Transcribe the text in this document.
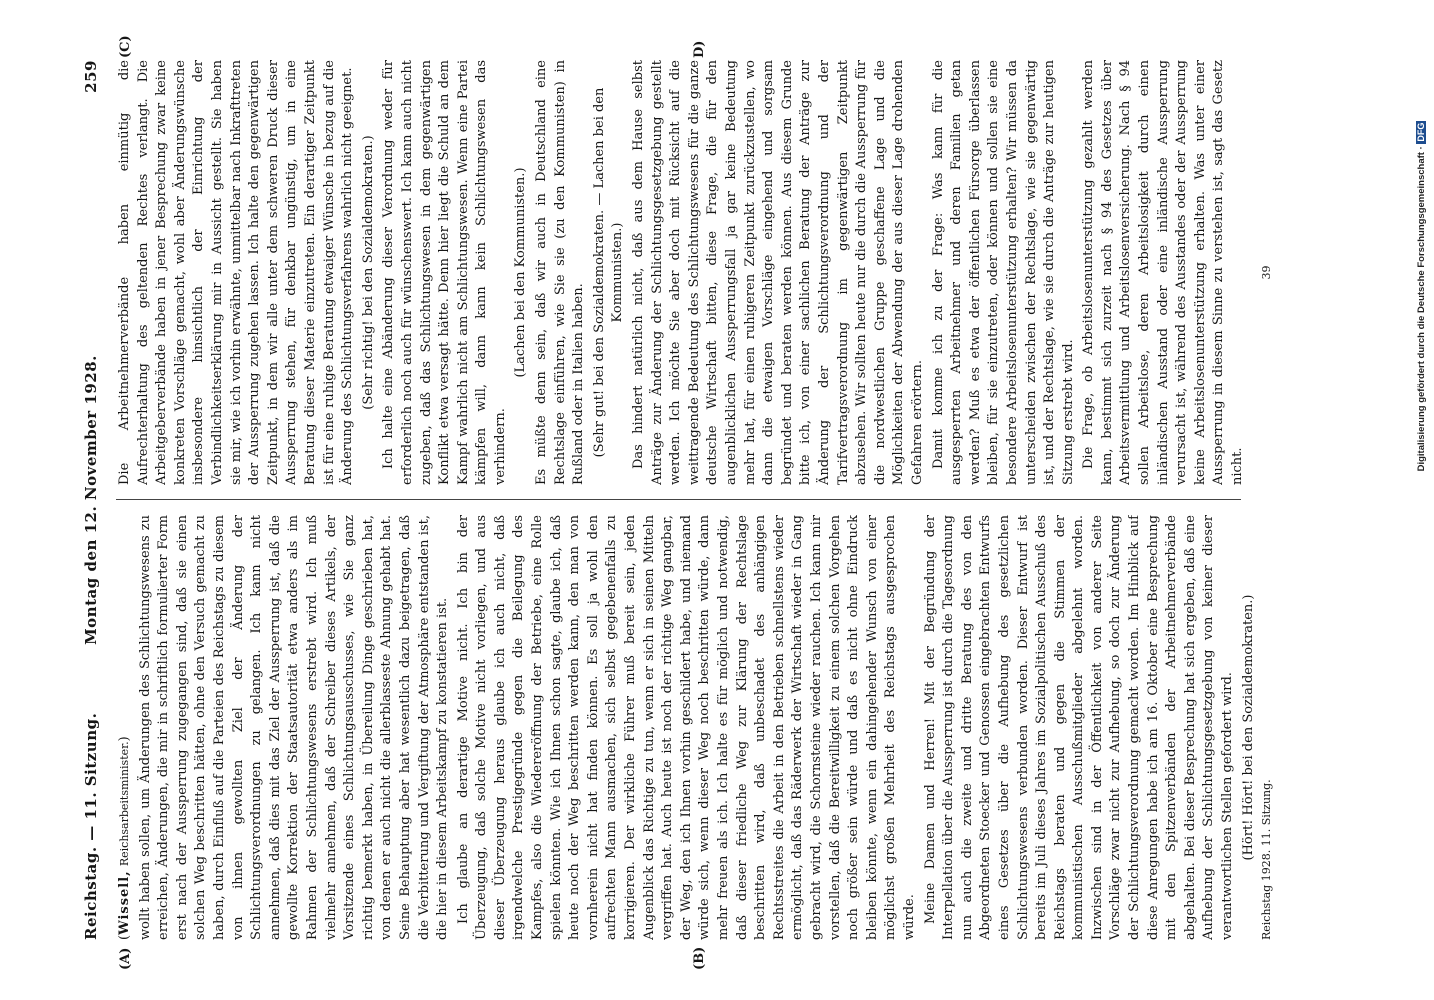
Reichstag. — 11. Sitzung.
Montag den 12. November 1928.
259
(A)	(B)
(C)	D)

(Wissell, Reichsarbeitsminister.) wollt haben sollen, um Änderungen des Schlichtungswesens zu erreichen, Änderungen, die mir in schriftlich formulierter Form erst nach der Aussperrung zugegangen sind, daß sie einen solchen Weg beschritten hätten, ohne den Versuch gemacht zu haben, durch Einfluß auf die Parteien des Reichstags zu diesem von ihnen gewollten Ziel der Änderung der Schlichtungsverordnungen zu gelangen. Ich kann nicht annehmen, daß dies mit das Ziel der Aussperrung ist, daß die gewollte Korrektion der Staatsautorität etwa anders als im Rahmen der Schlichtungswesens erstrebt wird. Ich muß vielmehr annehmen, daß der Schreiber dieses Artikels, der Vorsitzende eines Schlichtungsausschusses, wie Sie ganz richtig bemerkt haben, in Übereilung Dinge geschrieben hat, von denen er auch nicht die allerblasseste Ahnung gehabt hat. Seine Behauptung aber hat wesentlich dazu beigetragen, daß die Verbitterung und Vergiftung der Atmosphäre entstanden ist, die hier in diesem Arbeitskampf zu konstatieren ist. Ich glaube an derartige Motive nicht. Ich bin der Überzeugung, daß solche Motive nicht vorliegen, und aus dieser Überzeugung heraus glaube ich auch nicht, daß irgendwelche Prestigegründe gegen die Beilegung des Kampfes, also die Wiedereröffnung der Betriebe, eine Rolle spielen könnten. Wie ich Ihnen schon sagte, glaube ich, daß heute noch der Weg beschritten werden kann, den man von vornherein nicht hat finden können. Es soll ja wohl den aufrechten Mann ausmachen, sich selbst gegebenenfalls zu korrigieren. Der wirkliche Führer muß bereit sein, jeden Augenblick das Richtige zu tun, wenn er sich in seinen Mitteln vergriffen hat. Auch heute ist noch der richtige Weg gangbar, der Weg, den ich Ihnen vorhin geschildert habe, und niemand würde sich, wenn dieser Weg noch beschritten würde, dann mehr freuen als ich. Ich halte es für möglich und notwendig, daß dieser friedliche Weg zur Klärung der Rechtslage beschritten wird, daß unbeschadet des anhängigen Rechtsstreites die Arbeit in den Betrieben schnellstens wieder ermöglicht, daß das Räderwerk der Wirtschaft wieder in Gang gebracht wird, die Schornsteine wieder rauchen. Ich kann mir vorstellen, daß die Bereitwilligkeit zu einem solchen Vorgehen noch größer sein würde und daß es nicht ohne Eindruck bleiben könnte, wenn ein dahingehender Wunsch von einer möglichst großen Mehrheit des Reichstags ausgesprochen würde. Meine Damen und Herren! Mit der Begründung der Interpellation über die Aussperrung ist durch die Tagesordnung nun auch die zweite und dritte Beratung des von den Abgeordneten Stoecker und Genossen eingebrachten Entwurfs eines Gesetzes über die Aufhebung des gesetzlichen Schlichtungswesens verbunden worden. Dieser Entwurf ist bereits im Juli dieses Jahres im Sozialpolitischen Ausschuß des Reichstags beraten und gegen die Stimmen der kommunistischen Ausschußmitglieder abgelehnt worden. Inzwischen sind in der Öffentlichkeit von anderer Seite Vorschläge zwar nicht zur Aufhebung, so doch zur Änderung der Schlichtungsverordnung gemacht worden. Im Hinblick auf diese Anregungen habe ich am 16. Oktober eine Besprechung mit den Spitzenverbänden der Arbeitnehmerverbände abgehalten. Bei dieser Besprechung hat sich ergeben, daß eine Aufhebung der Schlichtungsgesetzgebung von keiner dieser verantwortlichen Stellen gefordert wird. (Hört! Hört! bei den Sozialdemokraten.)

Die Arbeitnehmerverbände haben einmütig die Aufrechterhaltung des geltenden Rechtes verlangt. Die Arbeitgeberverbände haben in jener Besprechung zwar keine konkreten Vorschläge gemacht, wohl aber Änderungswünsche insbesondere hinsichtlich der Einrichtung der Verbindlichkeitserklärung mir in Aussicht gestellt. Sie haben sie mir, wie ich vorhin erwähnte, unmittelbar nach Inkrafttreten der Aussperrung zugehen lassen. Ich halte den gegenwärtigen Zeitpunkt, in dem wir alle unter dem schweren Druck dieser Aussperrung stehen, für denkbar ungünstig, um in eine Beratung dieser Materie einzutreten. Ein derartiger Zeitpunkt ist für eine ruhige Beratung etwaiger Wünsche in bezug auf die Änderung des Schlichtungsverfahrens wahrlich nicht geeignet. (Sehr richtig! bei den Sozialdemokraten.) Ich halte eine Abänderung dieser Verordnung weder für erforderlich noch auch für wünschenswert. Ich kann auch nicht zugeben, daß das Schlichtungswesen in dem gegenwärtigen Konflikt etwa versagt hätte. Denn hier liegt die Schuld an dem Kampf wahrlich nicht am Schlichtungswesen. Wenn eine Partei kämpfen will, dann kann kein Schlichtungswesen das verhindern.

(Lachen bei den Kommunisten.) Es müßte denn sein, daß wir auch in Deutschland eine Rechtslage einführen, wie Sie sie (zu den Kommunisten) in Rußland oder in Italien haben. (Sehr gut! bei den Sozialdemokraten. — Lachen bei den Kommunisten.) Das hindert natürlich nicht, daß aus dem Hause selbst Anträge zur Änderung der Schlichtungsgesetzgebung gestellt werden. Ich möchte Sie aber doch mit Rücksicht auf die weittragende Bedeutung des Schlichtungswesens für die ganze deutsche Wirtschaft bitten, diese Frage, die für den augenblicklichen Aussperrungsfall ja gar keine Bedeutung mehr hat, für einen ruhigeren Zeitpunkt zurückzustellen, wo dann die etwaigen Vorschläge eingehend und sorgsam begründet und beraten werden können. Aus diesem Grunde bitte ich, von einer sachlichen Beratung der Anträge zur Änderung der Schlichtungsverordnung und der Tarifvertragsverordnung im gegenwärtigen Zeitpunkt abzusehen. Wir sollten heute nur die durch die Aussperrung für die nordwestlichen Gruppe geschaffene Lage und die Möglichkeiten der Abwendung der aus dieser Lage drohenden Gefahren erörtern. Damit komme ich zu der Frage: Was kann für die ausgesperrten Arbeitnehmer und deren Familien getan werden? Muß es etwa der öffentlichen Fürsorge überlassen bleiben, für sie einzutreten, oder können und sollen sie eine besondere Arbeitslosenunterstützung erhalten? Wir müssen da unterscheiden zwischen der Rechtslage, wie sie gegenwärtig ist, und der Rechtslage, wie sie durch die Anträge zur heutigen Sitzung erstrebt wird. Die Frage, ob Arbeitslosenunterstützung gezahlt werden kann, bestimmt sich zurzeit nach § 94 des Gesetzes über Arbeitsvermittlung und Arbeitslosenversicherung. Nach § 94 sollen Arbeitslose, deren Arbeitslosigkeit durch einen inländischen Ausstand oder eine inländische Aussperrung verursacht ist, während des Ausstandes oder der Aussperrung keine Arbeitslosenunterstützung erhalten. Was unter einer Aussperrung in diesem Sinne zu verstehen ist, sagt das Gesetz nicht.

Reichstag 1928. 11. Sitzung.
39	Digitalisierung gefördert durch die Deutsche Forschungsgemeinschaft · DFG
